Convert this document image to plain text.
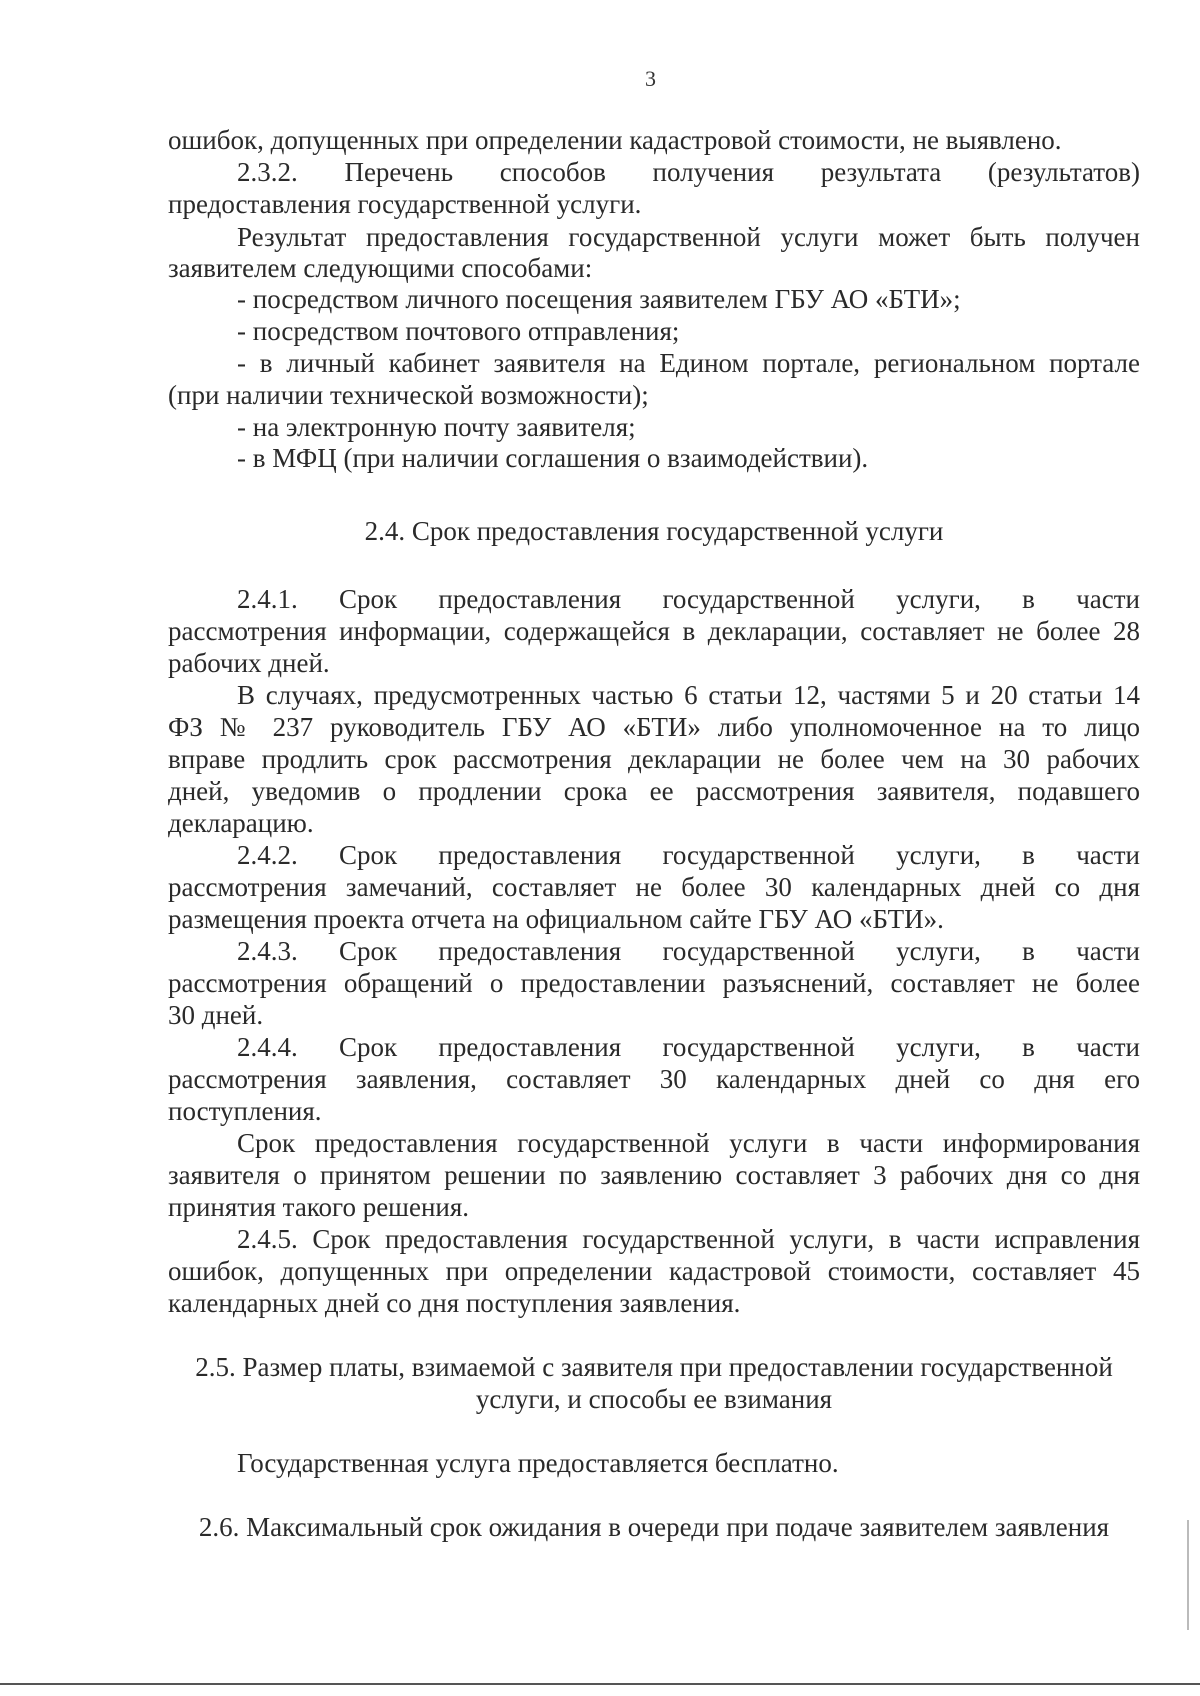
3
ошибок, допущенных при определении кадастровой стоимости, не выявлено.
2.3.2. Перечень способов получения результата (результатов)
предоставления государственной услуги.
Результат предоставления государственной услуги может быть получен
заявителем следующими способами:
- посредством личного посещения заявителем ГБУ АО «БТИ»;
- посредством почтового отправления;
- в личный кабинет заявителя на Едином портале, региональном портале
(при наличии технической возможности);
- на электронную почту заявителя;
- в МФЦ (при наличии соглашения о взаимодействии).
2.4. Срок предоставления государственной услуги
2.4.1. Срок предоставления государственной услуги, в части
рассмотрения информации, содержащейся в декларации, составляет не более 28
рабочих дней.
В случаях, предусмотренных частью 6 статьи 12, частями 5 и 20 статьи 14
ФЗ № 237 руководитель ГБУ АО «БТИ» либо уполномоченное на то лицо
вправе продлить срок рассмотрения декларации не более чем на 30 рабочих
дней, уведомив о продлении срока ее рассмотрения заявителя, подавшего
декларацию.
2.4.2. Срок предоставления государственной услуги, в части
рассмотрения замечаний, составляет не более 30 календарных дней со дня
размещения проекта отчета на официальном сайте ГБУ АО «БТИ».
2.4.3. Срок предоставления государственной услуги, в части
рассмотрения обращений о предоставлении разъяснений, составляет не более
30 дней.
2.4.4. Срок предоставления государственной услуги, в части
рассмотрения заявления, составляет 30 календарных дней со дня его
поступления.
Срок предоставления государственной услуги в части информирования
заявителя о принятом решении по заявлению составляет 3 рабочих дня со дня
принятия такого решения.
2.4.5. Срок предоставления государственной услуги, в части исправления
ошибок, допущенных при определении кадастровой стоимости, составляет 45
календарных дней со дня поступления заявления.
2.5. Размер платы, взимаемой с заявителя при предоставлении государственной
услуги, и способы ее взимания
Государственная услуга предоставляется бесплатно.
2.6. Максимальный срок ожидания в очереди при подаче заявителем заявления
